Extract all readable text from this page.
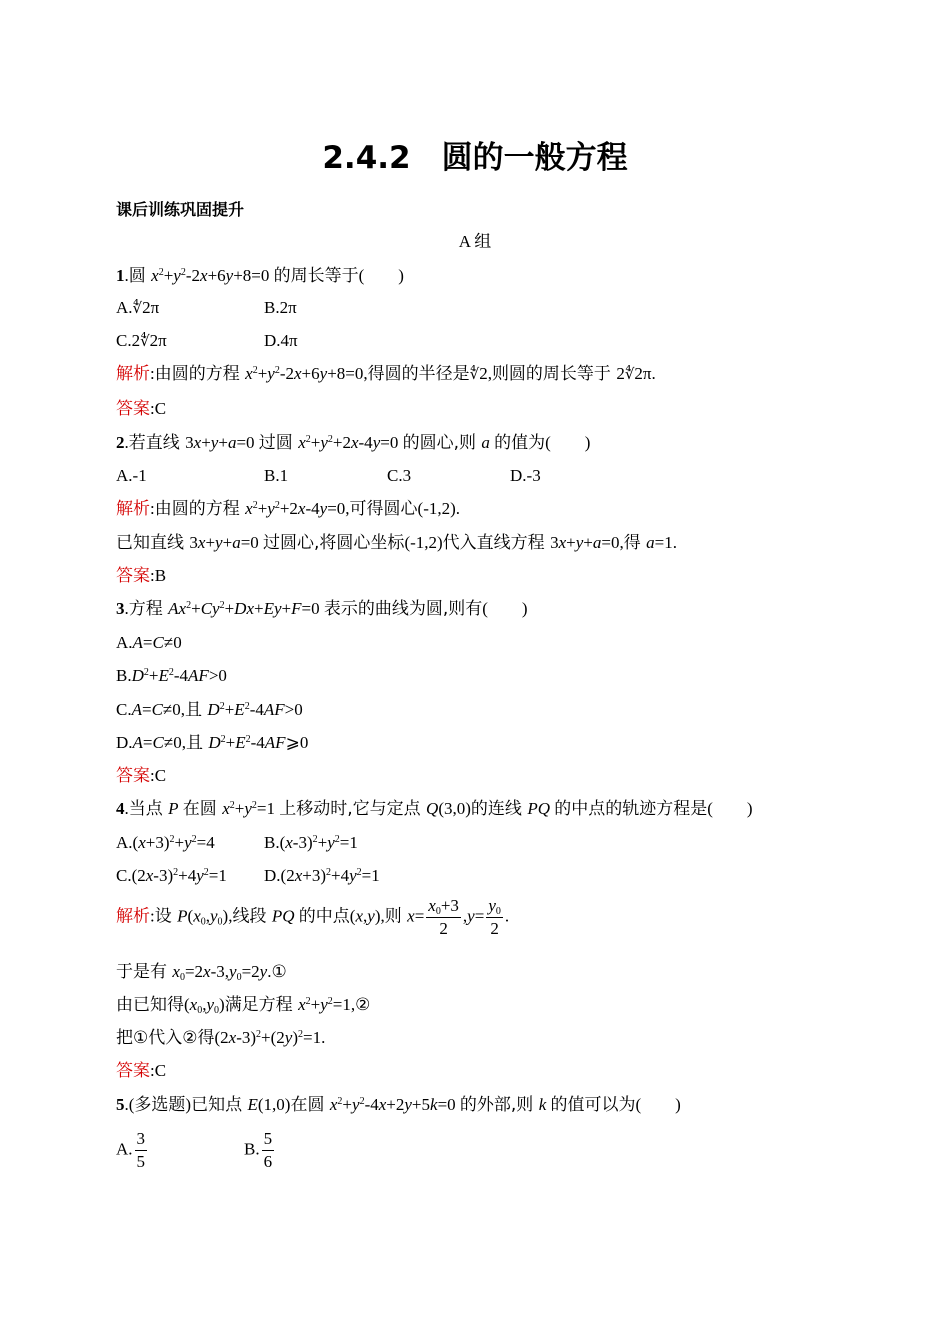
2.4.2　圆的一般方程
课后训练巩固提升
A 组
1.圆 $x^2+y^2-2x+6y+8=0$ 的周长等于(　　)
A.∜2π	B.2π
C.2∜2π	D.4π
解析:由圆的方程 $x^2+y^2-2x+6y+8=0$,得圆的半径是∜2,则圆的周长等于 2∜2π.
答案:C
2.若直线 3x+y+a=0 过圆 $x^2+y^2+2x-4y=0$ 的圆心,则 a 的值为(　　)
A.-1	B.1	C.3	D.-3
解析:由圆的方程 $x^2+y^2+2x-4y=0$,可得圆心(-1,2).
已知直线 3x+y+a=0 过圆心,将圆心坐标(-1,2)代入直线方程 3x+y+a=0,得 a=1.
答案:B
3.方程 $Ax^2+Cy^2+Dx+Ey+F=0$ 表示的曲线为圆,则有(　　)
A.A=C≠0
$B.D^2+E^2-4AF>0$
C.A=C≠0,且 $D^2+E^2-4AF>0$
D.A=C≠0,且 $D^2+E^2-4AF⩾0$
答案:C
4.当点 P 在圆 $x^2+y^2=1$ 上移动时,它与定点 Q(3,0)的连线 PQ 的中点的轨迹方程是(　　)
$A.(x+3)^2+y^2=4$	$B.(x-3)^2+y^2=1$
$C.(2x-3)^2+4y^2=1$ $D.(2x+3)^2+4y^2=1$
解析:设 $P(x_0,y_0)$,线段 PQ 的中点(x,y),则 $x= \frac{x_0+3}{2} ,y= \frac{y_0}{2}$ .
于是有 $x_0=2x-3,y_0=2y.①$
由已知得$(x_0,y_0)$满足方程 $x^2+y^2=1,②$
把①代入②得$(2x-3)^2+(2y)^2=1$.
答案:C
5.(多选题)已知点 E(1,0)在圆 $x^2+y^2-4x+2y+5k=0$ 的外部,则 k 的值可以为(　　)
A. $\frac{3}{5}$	B. $\frac{5}{6}$
